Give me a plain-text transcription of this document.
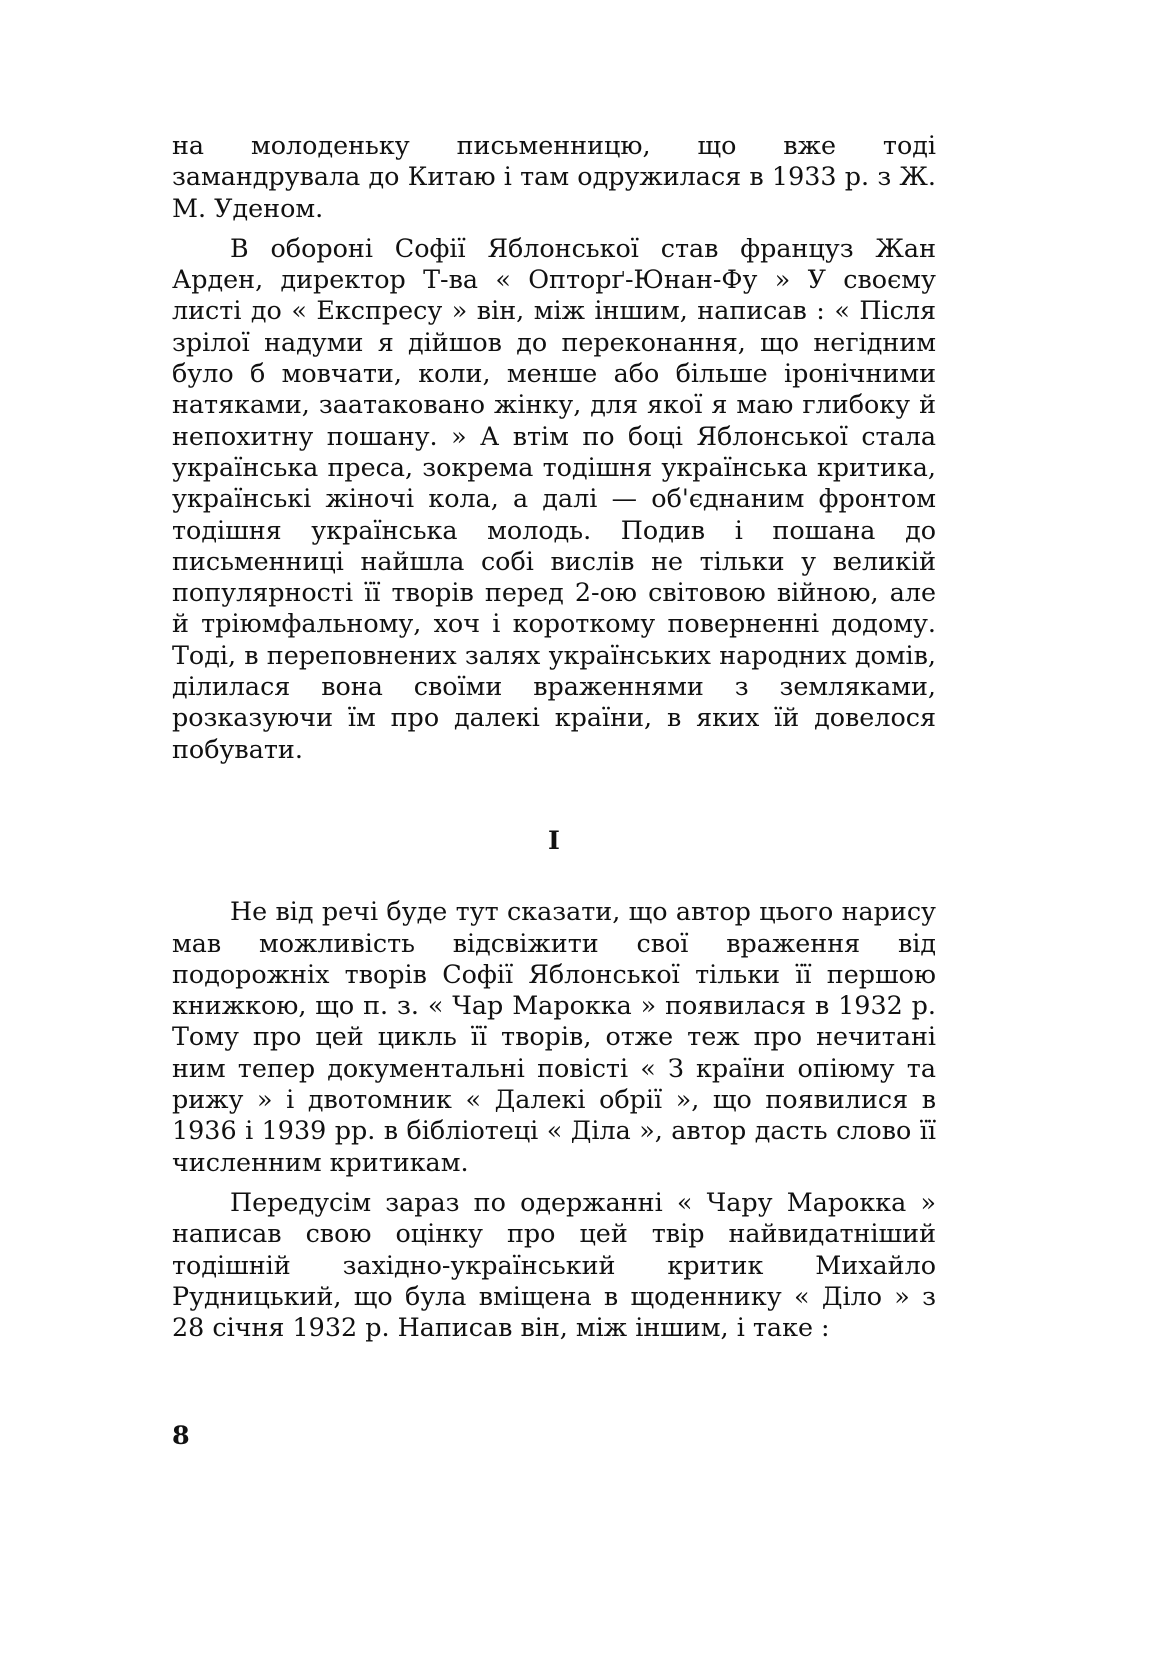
на молоденьку письменницю, що вже тоді замандрувала до Китаю і там одружилася в 1933 р. з Ж. М. Уденом.

В обороні Софії Яблонської став француз Жан Арден, директор Т-ва « Опторґ-Юнан-Фу » У своєму листі до « Експресу » він, між іншим, написав : « Після зрілої надуми я дійшов до переконання, що негідним було б мовчати, коли, менше або більше іронічними натяками, заатаковано жінку, для якої я маю глибоку й непохитну пошану. » А втім по боці Яблонської стала українська преса, зокрема тодішня українська критика, українські жіночі кола, а далі — об'єднаним фронтом тодішня українська молодь. Подив і пошана до письменниці найшла собі вислів не тільки у великій популярності її творів перед 2-ою світовою війною, але й тріюмфальному, хоч і короткому поверненні додому. Тоді, в переповнених залях українських народних домів, ділилася вона своїми враженнями з земляками, розказуючи їм про далекі країни, в яких їй довелося побувати.

I

Не від речі буде тут сказати, що автор цього нарису мав можливість відсвіжити свої враження від подорожніх творів Софії Яблонської тільки її першою книжкою, що п. з. « Чар Марокка » появилася в 1932 р. Тому про цей цикль її творів, отже теж про нечитані ним тепер документальні повісті « З країни опіюму та рижу » і двотомник « Далекі обрії », що появилися в 1936 і 1939 рр. в бібліотеці « Діла », автор дасть слово її численним критикам.

Передусім зараз по одержанні « Чару Марокка » написав свою оцінку про цей твір найвидатніший тодішній західно-український критик Михайло Рудницький, що була вміщена в щоденнику « Діло » з 28 січня 1932 р. Написав він, між іншим, і таке :

8
